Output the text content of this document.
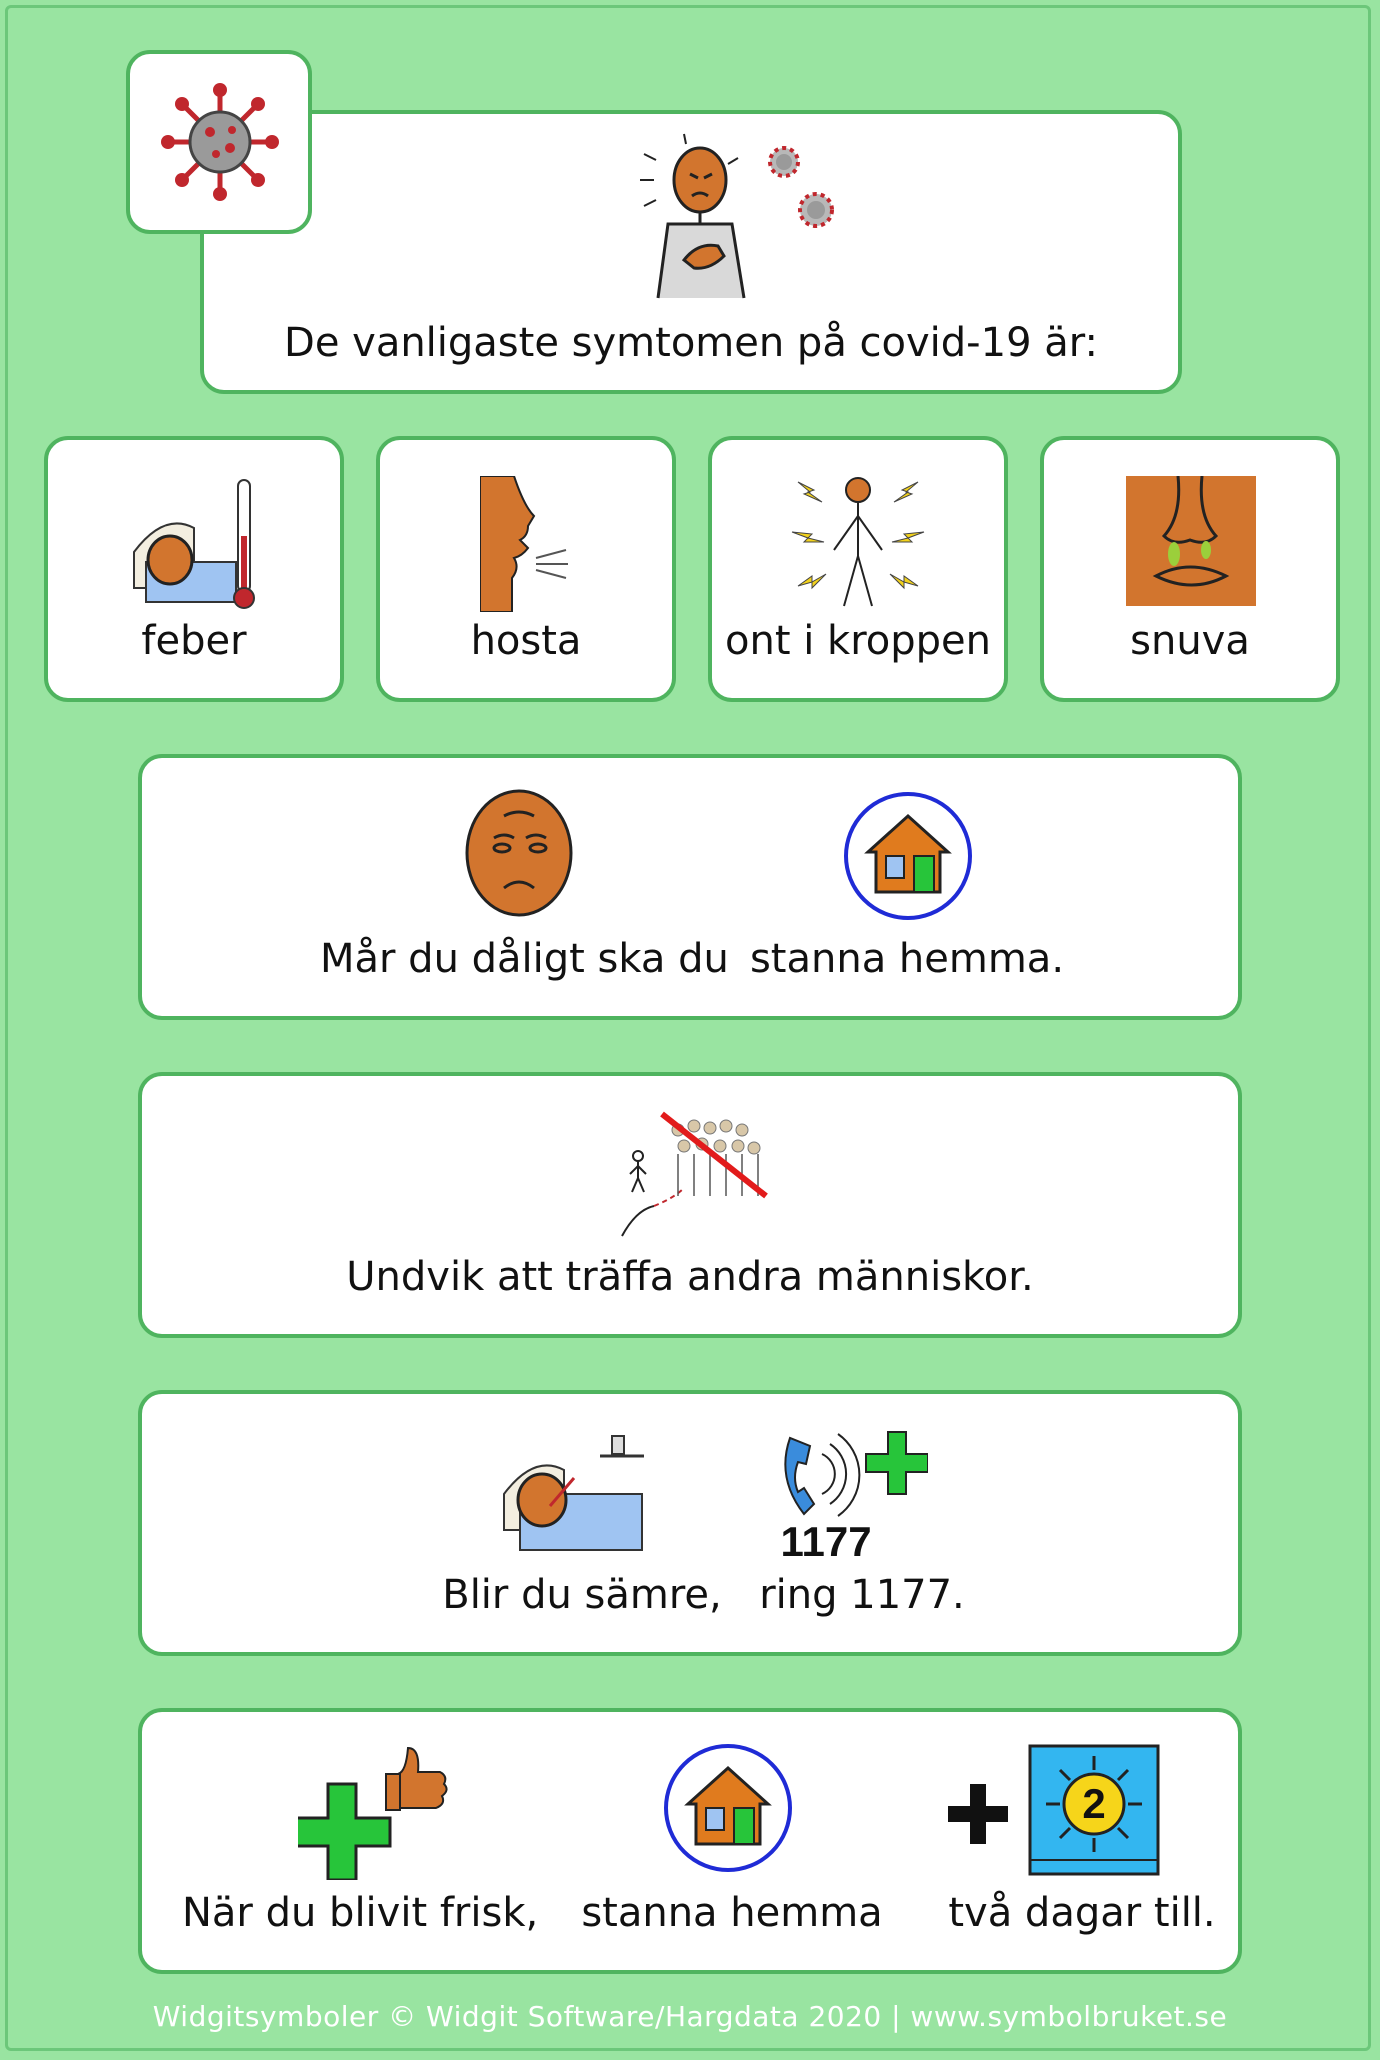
De vanligaste symtomen på covid-19 är:
feber	hosta	ont i kroppen	snuva
Mår du dåligt ska du stanna hemma.
Undvik att träffa andra människor.
1177
Blir du sämre, ring 1177.
2
När du blivit frisk,	stanna hemma	två dagar till.
Widgitsymboler © Widgit Software/Hargdata 2020 | www.symbolbruket.se
